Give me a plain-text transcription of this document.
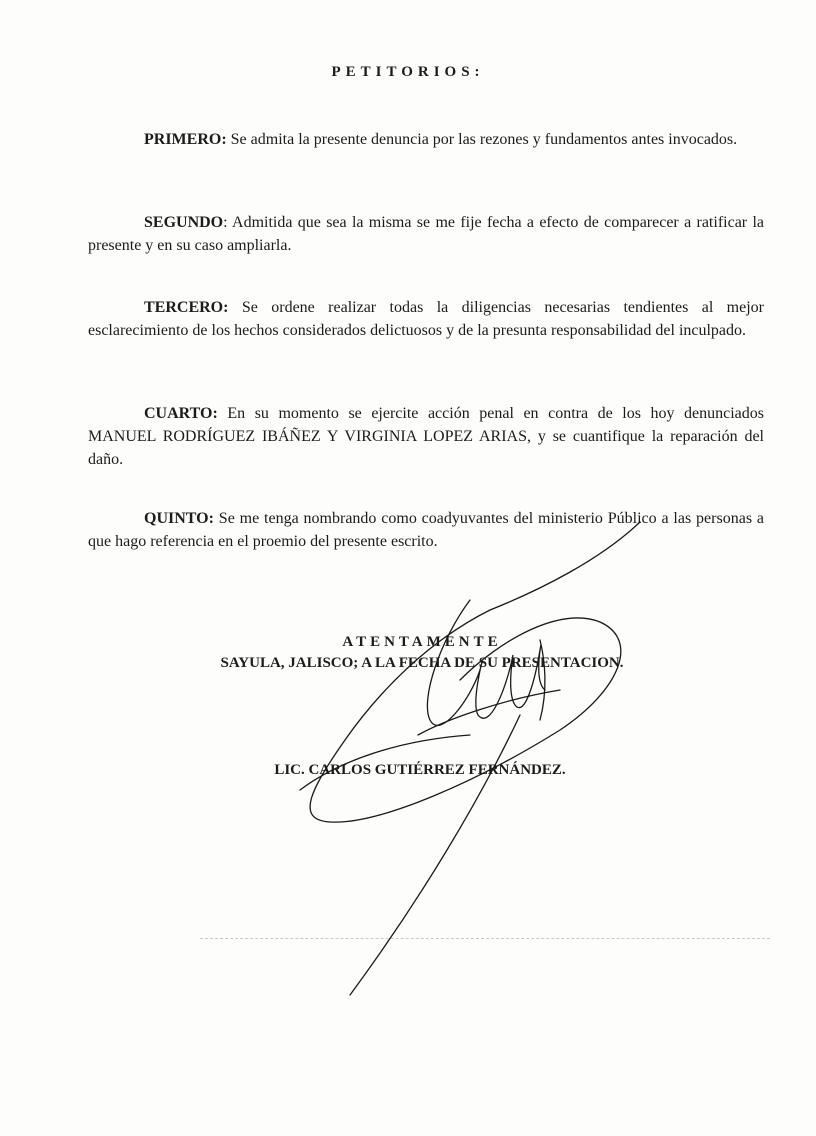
PETITORIOS:

PRIMERO: Se admita la presente denuncia por las rezones y fundamentos antes invocados.

SEGUNDO: Admitida que sea la misma se me fije fecha a efecto de comparecer a ratificar la presente y en su caso ampliarla.

TERCERO: Se ordene realizar todas la diligencias necesarias tendientes al mejor esclarecimiento de los hechos considerados delictuosos y de la presunta responsabilidad del inculpado.

CUARTO: En su momento se ejercite acción penal en contra de los hoy denunciados MANUEL RODRÍGUEZ IBÁÑEZ Y VIRGINIA LOPEZ ARIAS, y se cuantifique la reparación del daño.

QUINTO: Se me tenga nombrando como coadyuvantes del ministerio Público a las personas a que hago referencia en el proemio del presente escrito.

ATENTAMENTE
SAYULA, JALISCO; A LA FECHA DE SU PRESENTACION.
LIC. CARLOS GUTIÉRREZ FERNÁNDEZ.
